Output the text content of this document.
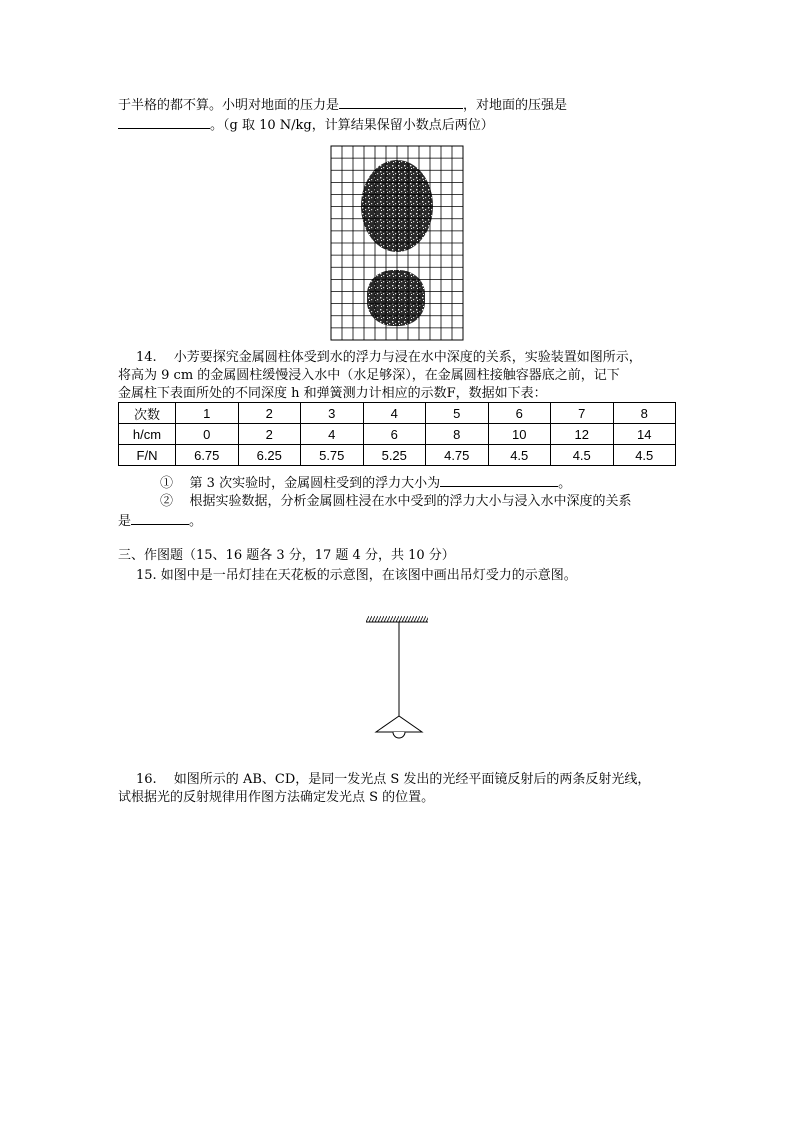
于半格的都不算。小明对地面的压力是	，对地面的压强是
。（g 取 10 N/kg，计算结果保留小数点后两位）
14.　 小芳要探究金属圆柱体受到水的浮力与浸在水中深度的关系，实验装置如图所示，
将高为 9 cm 的金属圆柱缓慢浸入水中（水足够深），在金属圆柱接触容器底之前，记下
金属柱下表面所处的不同深度 h 和弹簧测力计相应的示数F，数据如下表：
次数	1	2	3	4	5	6	7	8
h/cm	0	2	4	6	8	10	12	14
F/N	6.75	6.25	5.75	5.25	4.75	4.5	4.5	4.5
① 第 3 次实验时，金属圆柱受到的浮力大小为	。
② 根据实验数据，分析金属圆柱浸在水中受到的浮力大小与浸入水中深度的关系
是	。
三、作图题（15、16 题各 3 分，17 题 4 分，共 10 分）
15. 如图中是一吊灯挂在天花板的示意图，在该图中画出吊灯受力的示意图。
16.　 如图所示的 AB、CD，是同一发光点 S 发出的光经平面镜反射后的两条反射光线，
试根据光的反射规律用作图方法确定发光点 S 的位置。
